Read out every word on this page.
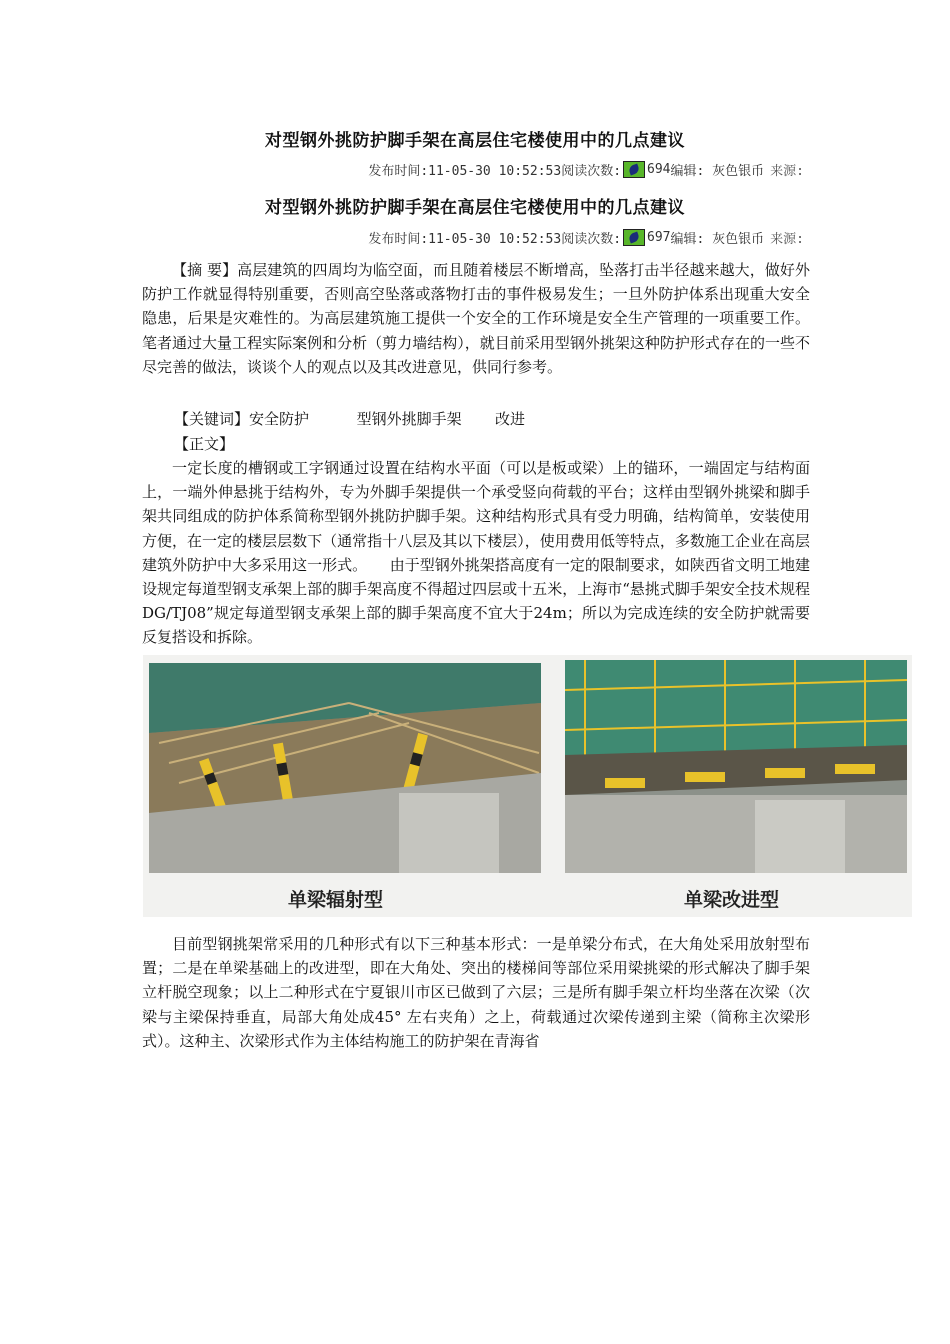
对型钢外挑防护脚手架在高层住宅楼使用中的几点建议
发布时间:11-05-30 10:52:53阅读次数: 694 编辑: 灰色银币 来源:
对型钢外挑防护脚手架在高层住宅楼使用中的几点建议
发布时间:11-05-30 10:52:53阅读次数: 697 编辑: 灰色银币 来源:
【摘 要】高层建筑的四周均为临空面，而且随着楼层不断增高，坠落打击半径越来越大，做好外防护工作就显得特别重要，否则高空坠落或落物打击的事件极易发生；一旦外防护体系出现重大安全隐患，后果是灾难性的。为高层建筑施工提供一个安全的工作环境是安全生产管理的一项重要工作。笔者通过大量工程实际案例和分析（剪力墙结构），就目前采用型钢外挑架这种防护形式存在的一些不尽完善的做法，谈谈个人的观点以及其改进意见，供同行参考。
【关键词】安全防护          型钢外挑脚手架       改进
【正文】
一定长度的槽钢或工字钢通过设置在结构水平面（可以是板或梁）上的锚环，一端固定与结构面上，一端外伸悬挑于结构外，专为外脚手架提供一个承受竖向荷载的平台；这样由型钢外挑梁和脚手架共同组成的防护体系简称型钢外挑防护脚手架。这种结构形式具有受力明确，结构简单，安装使用方便，在一定的楼层层数下（通常指十八层及其以下楼层），使用费用低等特点，多数施工企业在高层建筑外防护中大多采用这一形式。　　由于型钢外挑架搭高度有一定的限制要求，如陕西省文明工地建设规定每道型钢支承架上部的脚手架高度不得超过四层或十五米，上海市“悬挑式脚手架安全技术规程DG/TJ08”规定每道型钢支承架上部的脚手架高度不宜大于24m；所以为完成连续的安全防护就需要反复搭设和拆除。
单梁辐射型	单梁改进型
目前型钢挑架常采用的几种形式有以下三种基本形式：一是单梁分布式，在大角处采用放射型布置；二是在单梁基础上的改进型，即在大角处、突出的楼梯间等部位采用梁挑梁的形式解决了脚手架立杆脱空现象；以上二种形式在宁夏银川市区已做到了六层；三是所有脚手架立杆均坐落在次梁（次梁与主梁保持垂直，局部大角处成45° 左右夹角）之上，荷载通过次梁传递到主梁（简称主次梁形式）。这种主、次梁形式作为主体结构施工的防护架在青海省
